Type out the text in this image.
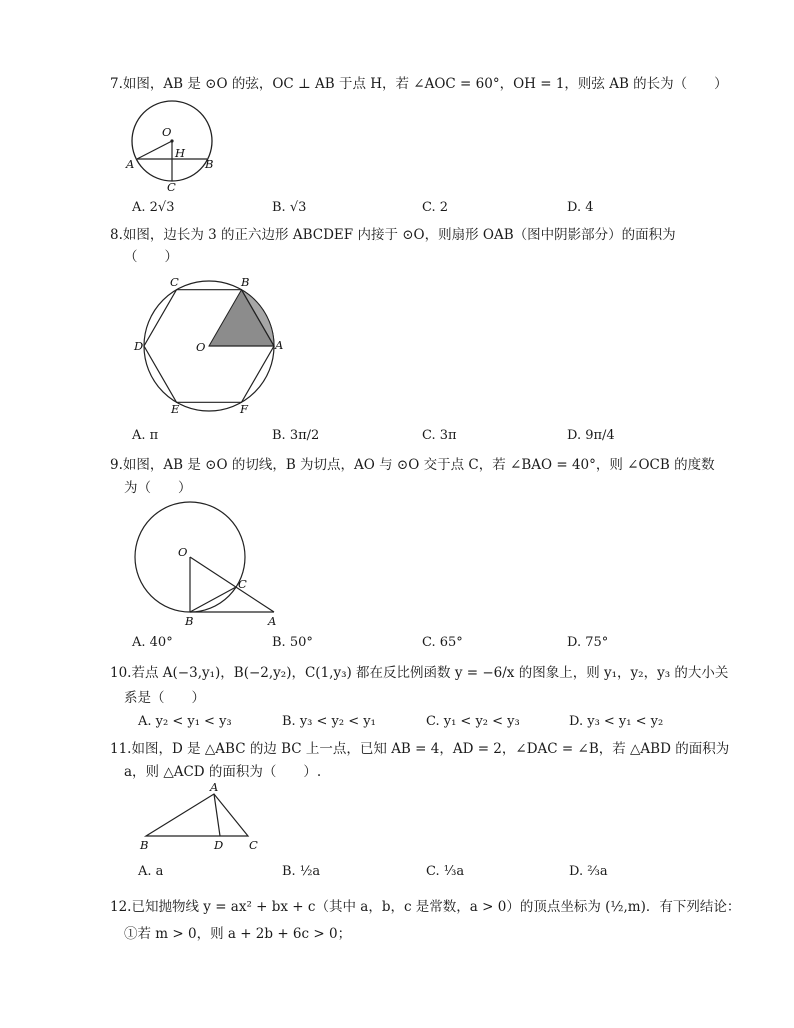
7.如图，AB 是 ⊙O 的弦，OC ⊥ AB 于点 H，若 ∠AOC = 60°，OH = 1，则弦 AB 的长为（　　）
O
H
A	B
C
A. 2√3	B. √3	C. 2	D. 4
8.如图，边长为 3 的正六边形 ABCDEF 内接于 ⊙O，则扇形 OAB（图中阴影部分）的面积为
（　　）
C	B
D	O	A
E	F
A. π	B. 3π/2	C. 3π	D. 9π/4
9.如图，AB 是 ⊙O 的切线，B 为切点，AO 与 ⊙O 交于点 C，若 ∠BAO = 40°，则 ∠OCB 的度数
为（　　）
O
C
B	A
A. 40°	B. 50°	C. 65°	D. 75°
10.若点 A(−3,y₁)，B(−2,y₂)，C(1,y₃) 都在反比例函数 y = −6/x 的图象上，则 y₁，y₂，y₃ 的大小关
系是（　　）
A. y₂ < y₁ < y₃	B. y₃ < y₂ < y₁	C. y₁ < y₂ < y₃	D. y₃ < y₁ < y₂
11.如图，D 是 △ABC 的边 BC 上一点，已知 AB = 4，AD = 2，∠DAC = ∠B，若 △ABD 的面积为
a，则 △ACD 的面积为（　　）.
A
B	D C
A. a	B. ½a	C. ⅓a	D. ⅔a
12.已知抛物线 y = ax² + bx + c（其中 a，b，c 是常数，a > 0）的顶点坐标为 (½,m)．有下列结论：
①若 m > 0，则 a + 2b + 6c > 0；
